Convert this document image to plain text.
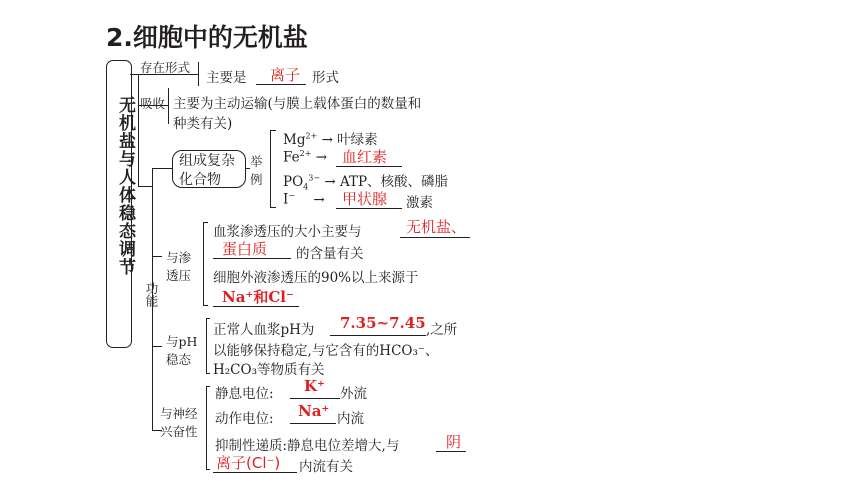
2.细胞中的无机盐
无机盐与人体稳态调节
存在形式
主要是 离子 形式
吸收 主要为主动运输(与膜上载体蛋白的数量和
种类有关)
功能
组成复杂
化合物
举
例
$Mg^{2+}$ → 叶绿素
$Fe^{2+}$ → 血红素
$PO_4^{3-}$ → ATP、核酸、磷脂
I− → 甲状腺 激素
与渗
透压
血浆渗透压的大小主要与	无机盐、
蛋白质 的含量有关
细胞外液渗透压的90%以上来源于
Na⁺和Cl⁻
与pH
稳态
正常人血浆pH为 7.35~7.45 ,之所
以能够保持稳定,与它含有的HCO₃⁻、
H₂CO₃等物质有关
与神经
兴奋性
静息电位: K⁺ 外流
动作电位: Na⁺ 内流
抑制性递质:静息电位差增大,与	阴
离子(Cl⁻) 内流有关
